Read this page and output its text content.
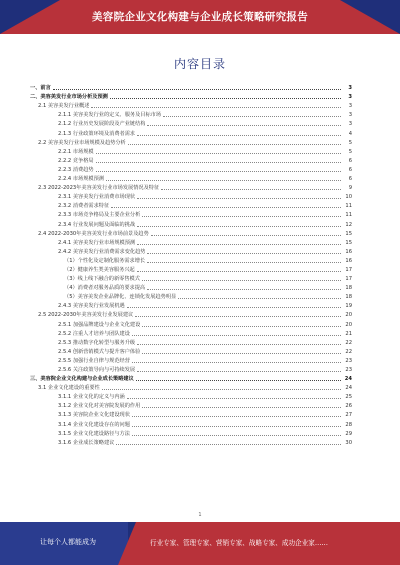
美容院企业文化构建与企业成长策略研究报告
内容目录
一、前言	3
二、美容美发行业市场分析及预测	3
2.1 美容美发行业概述	3
2.1.1 美容美发行业的定义、服务及目标市场	3
2.1.2 行业历史发展阶段及产业链结构	3
2.1.3 行业政策环境及消费者需求	4
2.2 美容美发行业市场规模及趋势分析	5
2.2.1 市场规模	5
2.2.2 竞争格局	6
2.2.3 消费趋势	6
2.2.4 市场规模预测	6
2.3 2022-2023年美容美发行业市场发展情况及特征	9
2.3.1 美容美发行业消费市场现状	10
2.3.2 消费者需求特征	11
2.3.3 市场竞争格局及主要企业分析	11
2.3.4 行业发展问题及面临的挑战	12
2.4 2022-2030年美容美发行业市场前景及趋势	15
2.4.1 美容美发行业市场规模预测	15
2.4.2 美容美发行业消费需求变化趋势	16
（1）个性化及定制化服务需求增长	16
（2）健康养生类美容服务兴起	17
（3）线上线下融合的新零售模式	17
（4）消费者对服务品质的要求提高	18
（5）美容美发企业品牌化、连锁化发展趋势明显	18
2.4.3 美容美发行业发展机遇	19
2.5 2022-2030年美容美发行业发展建议	20
2.5.1 加强品牌建设与企业文化建设	20
2.5.2 注重人才培养与团队建设	21
2.5.3 推动数字化转型与服务升级	22
2.5.4 创新营销模式与提升客户体验	22
2.5.5 加强行业自律与规范经营	23
2.5.6 关注政策导向与可持续发展	23
三、美容院企业文化构建与企业成长策略建议	24
3.1 企业文化建设的重要性	24
3.1.1 企业文化的定义与内涵	25
3.1.2 企业文化对美容院发展的作用	26
3.1.3 美容院企业文化建设现状	27
3.1.4 企业文化建设存在的问题	28
3.1.5 企业文化建设路径与方法	29
3.1.6 企业成长策略建议	30
1
让每个人都能成为	行业专家、管理专家、营销专家、战略专家、成功企业家……
